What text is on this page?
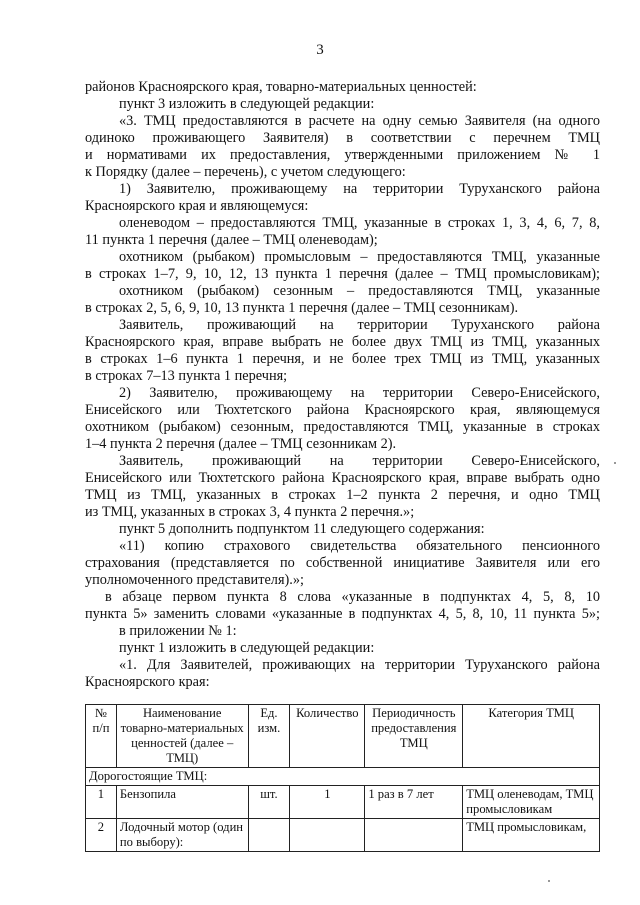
3
районов Красноярского края, товарно-материальных ценностей:
пункт 3 изложить в следующей редакции:
«3. ТМЦ предоставляются в расчете на одну семью Заявителя (на одного
одиноко проживающего Заявителя) в соответствии с перечнем ТМЦ
и нормативами их предоставления, утвержденными приложением № 1
к Порядку (далее – перечень), с учетом следующего:
1) Заявителю, проживающему на территории Туруханского района
Красноярского края и являющемуся:
оленеводом – предоставляются ТМЦ, указанные в строках 1, 3, 4, 6, 7, 8,
11 пункта 1 перечня (далее – ТМЦ оленеводам);
охотником (рыбаком) промысловым – предоставляются ТМЦ, указанные
в строках 1–7, 9, 10, 12, 13 пункта 1 перечня (далее – ТМЦ промысловикам);
охотником (рыбаком) сезонным – предоставляются ТМЦ, указанные
в строках 2, 5, 6, 9, 10, 13 пункта 1 перечня (далее – ТМЦ сезонникам).
Заявитель, проживающий на территории Туруханского района
Красноярского края, вправе выбрать не более двух ТМЦ из ТМЦ, указанных
в строках 1–6 пункта 1 перечня, и не более трех ТМЦ из ТМЦ, указанных
в строках 7–13 пункта 1 перечня;
2) Заявителю, проживающему на территории Северо-Енисейского,
Енисейского или Тюхтетского района Красноярского края, являющемуся
охотником (рыбаком) сезонным, предоставляются ТМЦ, указанные в строках
1–4 пункта 2 перечня (далее – ТМЦ сезонникам 2).
Заявитель, проживающий на территории Северо-Енисейского,
Енисейского или Тюхтетского района Красноярского края, вправе выбрать одно
ТМЦ из ТМЦ, указанных в строках 1–2 пункта 2 перечня, и одно ТМЦ
из ТМЦ, указанных в строках 3, 4 пункта 2 перечня.»;
пункт 5 дополнить подпунктом 11 следующего содержания:
«11) копию страхового свидетельства обязательного пенсионного
страхования (представляется по собственной инициативе Заявителя или его
уполномоченного представителя).»;
в абзаце первом пункта 8 слова «указанные в подпунктах 4, 5, 8, 10
пункта 5» заменить словами «указанные в подпунктах 4, 5, 8, 10, 11 пункта 5»;
в приложении № 1:
пункт 1 изложить в следующей редакции:
«1. Для Заявителей, проживающих на территории Туруханского района
Красноярского края:
№ п/п	Наименование товарно-материальных ценностей (далее – ТМЦ)	Ед. изм.	Количество	Периодичность предоставления ТМЦ	Категория ТМЦ
Дорогостоящие ТМЦ:					
1	Бензопила	шт.	1	1 раз в 7 лет	ТМЦ оленеводам, ТМЦ промысловикам
2	Лодочный мотор (один по выбору):				ТМЦ промысловикам,
